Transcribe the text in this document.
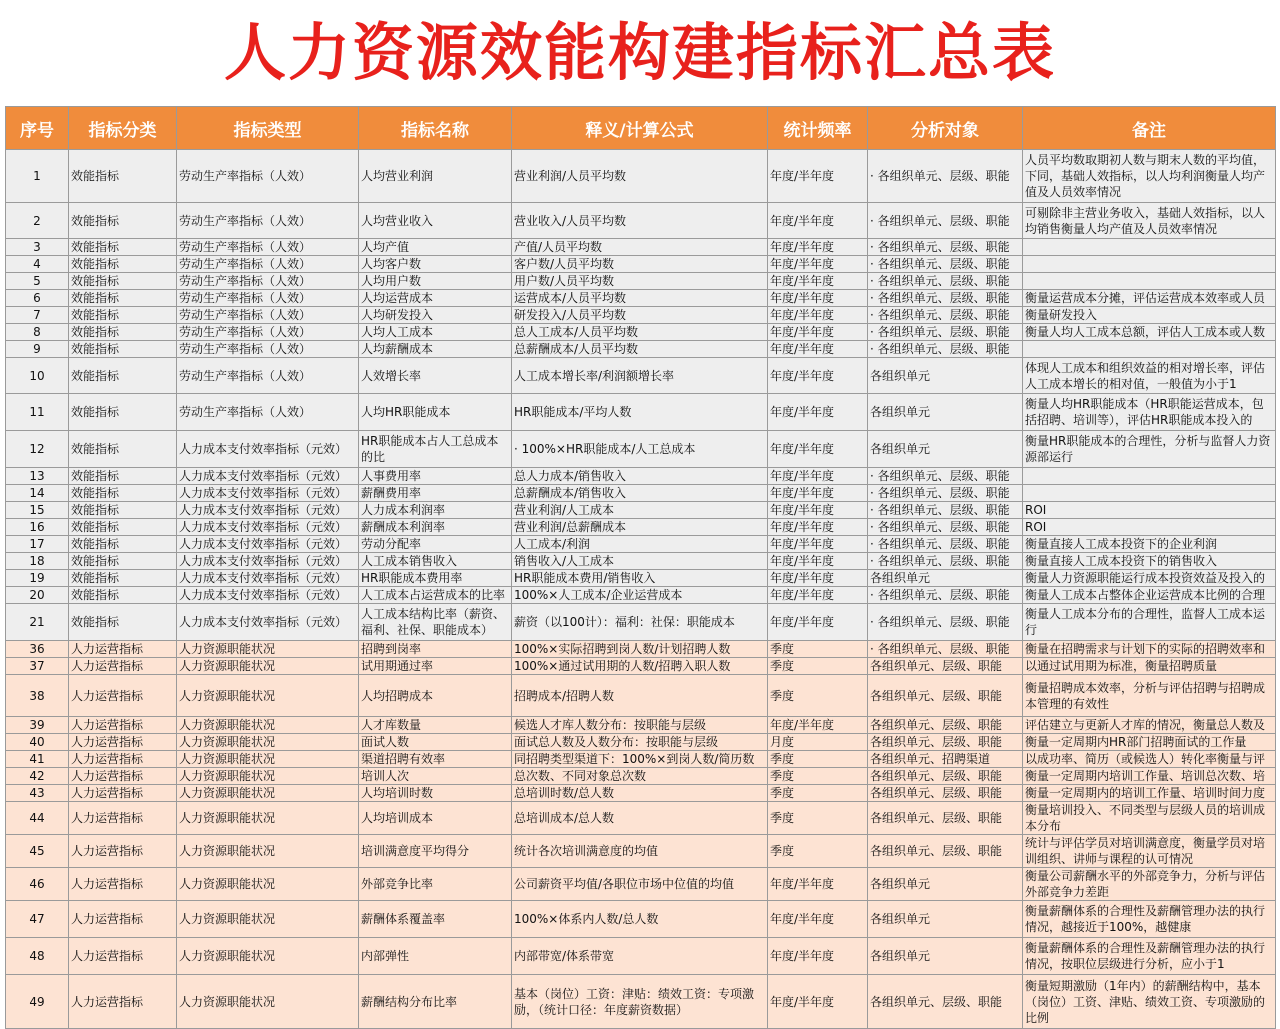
人力资源效能构建指标汇总表
序号	指标分类	指标类型	指标名称	释义/计算公式	统计频率	分析对象	备注
1	效能指标	劳动生产率指标（人效）	人均营业利润	营业利润/人员平均数	年度/半年度	· 各组织单元、层级、职能	人员平均数取期初人数与期末人数的平均值，下同，基础人效指标，以人均利润衡量人均产值及人员效率情况
2	效能指标	劳动生产率指标（人效）	人均营业收入	营业收入/人员平均数	年度/半年度	· 各组织单元、层级、职能	可剔除非主营业务收入，基础人效指标，以人均销售衡量人均产值及人员效率情况
3	效能指标	劳动生产率指标（人效）	人均产值	产值/人员平均数	年度/半年度	· 各组织单元、层级、职能	
4	效能指标	劳动生产率指标（人效）	人均客户数	客户数/人员平均数	年度/半年度	· 各组织单元、层级、职能	
5	效能指标	劳动生产率指标（人效）	人均用户数	用户数/人员平均数	年度/半年度	· 各组织单元、层级、职能	
6	效能指标	劳动生产率指标（人效）	人均运营成本	运营成本/人员平均数	年度/半年度	· 各组织单元、层级、职能	衡量运营成本分摊，评估运营成本效率或人员
7	效能指标	劳动生产率指标（人效）	人均研发投入	研发投入/人员平均数	年度/半年度	· 各组织单元、层级、职能	衡量研发投入
8	效能指标	劳动生产率指标（人效）	人均人工成本	总人工成本/人员平均数	年度/半年度	· 各组织单元、层级、职能	衡量人均人工成本总额，评估人工成本或人数
9	效能指标	劳动生产率指标（人效）	人均薪酬成本	总薪酬成本/人员平均数	年度/半年度	· 各组织单元、层级、职能	
10	效能指标	劳动生产率指标（人效）	人效增长率	人工成本增长率/利润额增长率	年度/半年度	各组织单元	体现人工成本和组织效益的相对增长率，评估人工成本增长的相对值，一般值为小于1
11	效能指标	劳动生产率指标（人效）	人均HR职能成本	HR职能成本/平均人数	年度/半年度	各组织单元	衡量人均HR职能成本（HR职能运营成本，包括招聘、培训等），评估HR职能成本投入的
12	效能指标	人力成本支付效率指标（元效）	HR职能成本占人工总成本的比	· 100%×HR职能成本/人工总成本	年度/半年度	各组织单元	衡量HR职能成本的合理性，分析与监督人力资源部运行
13	效能指标	人力成本支付效率指标（元效）	人事费用率	总人力成本/销售收入	年度/半年度	· 各组织单元、层级、职能	
14	效能指标	人力成本支付效率指标（元效）	薪酬费用率	总薪酬成本/销售收入	年度/半年度	· 各组织单元、层级、职能	
15	效能指标	人力成本支付效率指标（元效）	人力成本利润率	营业利润/人工成本	年度/半年度	· 各组织单元、层级、职能	ROI
16	效能指标	人力成本支付效率指标（元效）	薪酬成本利润率	营业利润/总薪酬成本	年度/半年度	· 各组织单元、层级、职能	ROI
17	效能指标	人力成本支付效率指标（元效）	劳动分配率	人工成本/利润	年度/半年度	· 各组织单元、层级、职能	衡量直接人工成本投资下的企业利润
18	效能指标	人力成本支付效率指标（元效）	人工成本销售收入	销售收入/人工成本	年度/半年度	· 各组织单元、层级、职能	衡量直接人工成本投资下的销售收入
19	效能指标	人力成本支付效率指标（元效）	HR职能成本费用率	HR职能成本费用/销售收入	年度/半年度	各组织单元	衡量人力资源职能运行成本投资效益及投入的
20	效能指标	人力成本支付效率指标（元效）	人工成本占运营成本的比率	100%×人工成本/企业运营成本	年度/半年度	· 各组织单元、层级、职能	衡量人工成本占整体企业运营成本比例的合理
21	效能指标	人力成本支付效率指标（元效）	人工成本结构比率（薪资、福利、社保、职能成本）	薪资（以100计）：福利：社保：职能成本	年度/半年度	· 各组织单元、层级、职能	衡量人工成本分布的合理性，监督人工成本运行
36	人力运营指标	人力资源职能状况	招聘到岗率	100%×实际招聘到岗人数/计划招聘人数	季度	· 各组织单元、层级、职能	衡量在招聘需求与计划下的实际的招聘效率和
37	人力运营指标	人力资源职能状况	试用期通过率	100%×通过试用期的人数/招聘入职人数	季度	各组织单元、层级、职能	以通过试用期为标准，衡量招聘质量
38	人力运营指标	人力资源职能状况	人均招聘成本	招聘成本/招聘人数	季度	各组织单元、层级、职能	衡量招聘成本效率，分析与评估招聘与招聘成本管理的有效性
39	人力运营指标	人力资源职能状况	人才库数量	候选人才库人数分布：按职能与层级	年度/半年度	各组织单元、层级、职能	评估建立与更新人才库的情况，衡量总人数及
40	人力运营指标	人力资源职能状况	面试人数	面试总人数及人数分布：按职能与层级	月度	各组织单元、层级、职能	衡量一定周期内HR部门招聘面试的工作量
41	人力运营指标	人力资源职能状况	渠道招聘有效率	同招聘类型渠道下：100%×到岗人数/简历数	季度	各组织单元、招聘渠道	以成功率、简历（或候选人）转化率衡量与评
42	人力运营指标	人力资源职能状况	培训人次	总次数、不同对象总次数	季度	各组织单元、层级、职能	衡量一定周期内培训工作量、培训总次数、培
43	人力运营指标	人力资源职能状况	人均培训时数	总培训时数/总人数	季度	各组织单元、层级、职能	衡量一定周期内的培训工作量、培训时间力度
44	人力运营指标	人力资源职能状况	人均培训成本	总培训成本/总人数	季度	各组织单元、层级、职能	衡量培训投入、不同类型与层级人员的培训成本分布
45	人力运营指标	人力资源职能状况	培训满意度平均得分	统计各次培训满意度的均值	季度	各组织单元、层级、职能	统计与评估学员对培训满意度，衡量学员对培训组织、讲师与课程的认可情况
46	人力运营指标	人力资源职能状况	外部竞争比率	公司薪资平均值/各职位市场中位值的均值	年度/半年度	各组织单元	衡量公司薪酬水平的外部竞争力，分析与评估外部竞争力差距
47	人力运营指标	人力资源职能状况	薪酬体系覆盖率	100%×体系内人数/总人数	年度/半年度	各组织单元	衡量薪酬体系的合理性及薪酬管理办法的执行情况，越接近于100%，越健康
48	人力运营指标	人力资源职能状况	内部弹性	内部带宽/体系带宽	年度/半年度	各组织单元	衡量薪酬体系的合理性及薪酬管理办法的执行情况，按职位层级进行分析，应小于1
49	人力运营指标	人力资源职能状况	薪酬结构分布比率	基本（岗位）工资：津贴：绩效工资：专项激励，（统计口径：年度薪资数据）	年度/半年度	各组织单元、层级、职能	衡量短期激励（1年内）的薪酬结构中，基本（岗位）工资、津贴、绩效工资、专项激励的比例
